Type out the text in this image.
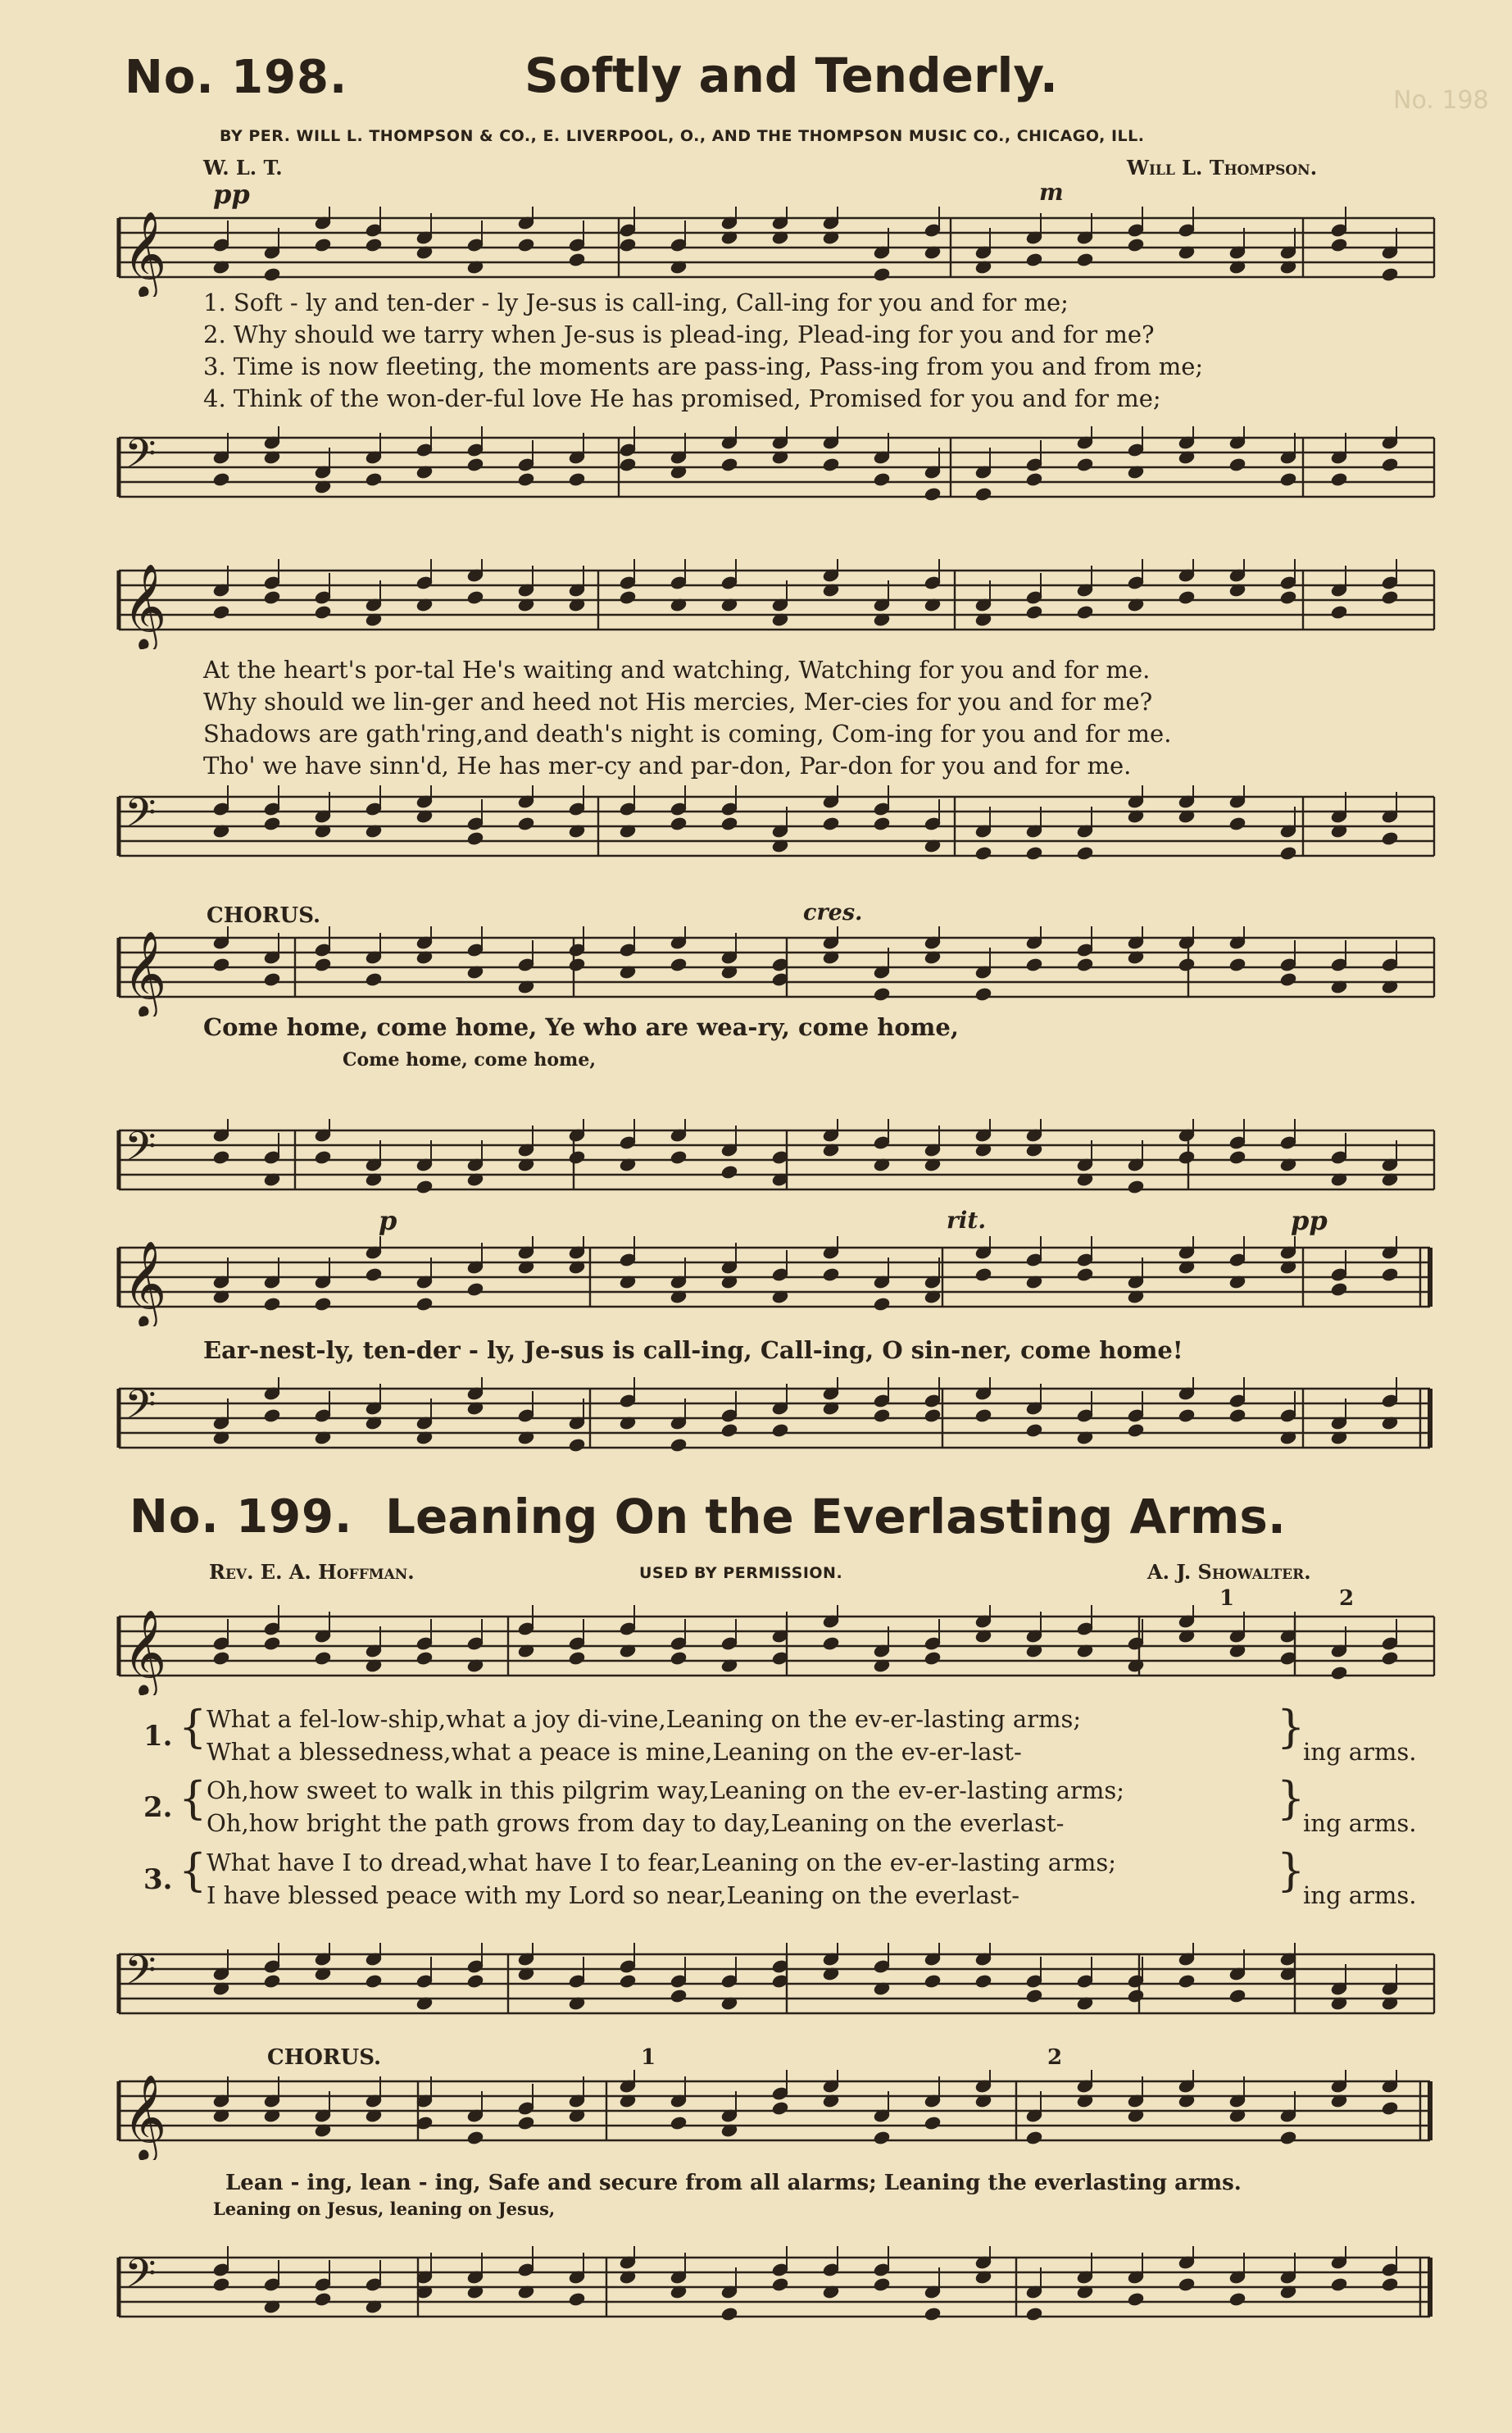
No. 198
No. 198.	Softly and Tenderly.
BY PER. WILL L. THOMPSON & CO., E. LIVERPOOL, O., AND THE THOMPSON MUSIC CO., CHICAGO, ILL.
W. L. T.	Will L. Thompson.
pp	m
𝄞
𝄢
1. Soft - ly and ten-der - ly Je-sus is call-ing, Call-ing for you and for me;
2. Why should we tarry when Je-sus is plead-ing, Plead-ing for you and for me?
3. Time is now fleeting, the moments are pass-ing, Pass-ing from you and from me;
4. Think of the won-der-ful love He has promised, Promised for you and for me;
𝄞
At the heart's por-tal He's waiting and watching, Watching for you and for me.
Why should we lin-ger and heed not His mercies, Mer-cies for you and for me?
Shadows are gath'ring,and death's night is coming, Com-ing for you and for me.
Tho' we have sinn'd, He has mer-cy and par-don, Par-don for you and for me.
𝄢
CHORUS.	cres.
𝄞
Come home, come home, Ye who are wea-ry, come home,
Come home, come home,
𝄢
p	rit.	pp
𝄞
Ear-nest-ly, ten-der - ly, Je-sus is call-ing, Call-ing, O sin-ner, come home!
𝄢
No. 199. Leaning On the Everlasting Arms.
Rev. E. A. Hoffman.	USED BY PERMISSION.	A. J. Showalter.
1	2
𝄞
1. { What a fel-low-ship,what a joy di-vine,Leaning on the ev-er-lasting arms;
What a blessedness,what a peace is mine,Leaning on the ev-er-last-	}
ing arms.
2. { Oh,how sweet to walk in this pilgrim way,Leaning on the ev-er-lasting arms;
Oh,how bright the path grows from day to day,Leaning on the everlast-	}
ing arms.
3. { What have I to dread,what have I to fear,Leaning on the ev-er-lasting arms;
I have blessed peace with my Lord so near,Leaning on the everlast-	}
ing arms.
𝄢
CHORUS.	1	2
𝄞
Lean - ing, lean - ing, Safe and secure from all alarms; Leaning the everlasting arms.
Leaning on Jesus, leaning on Jesus,
𝄢
